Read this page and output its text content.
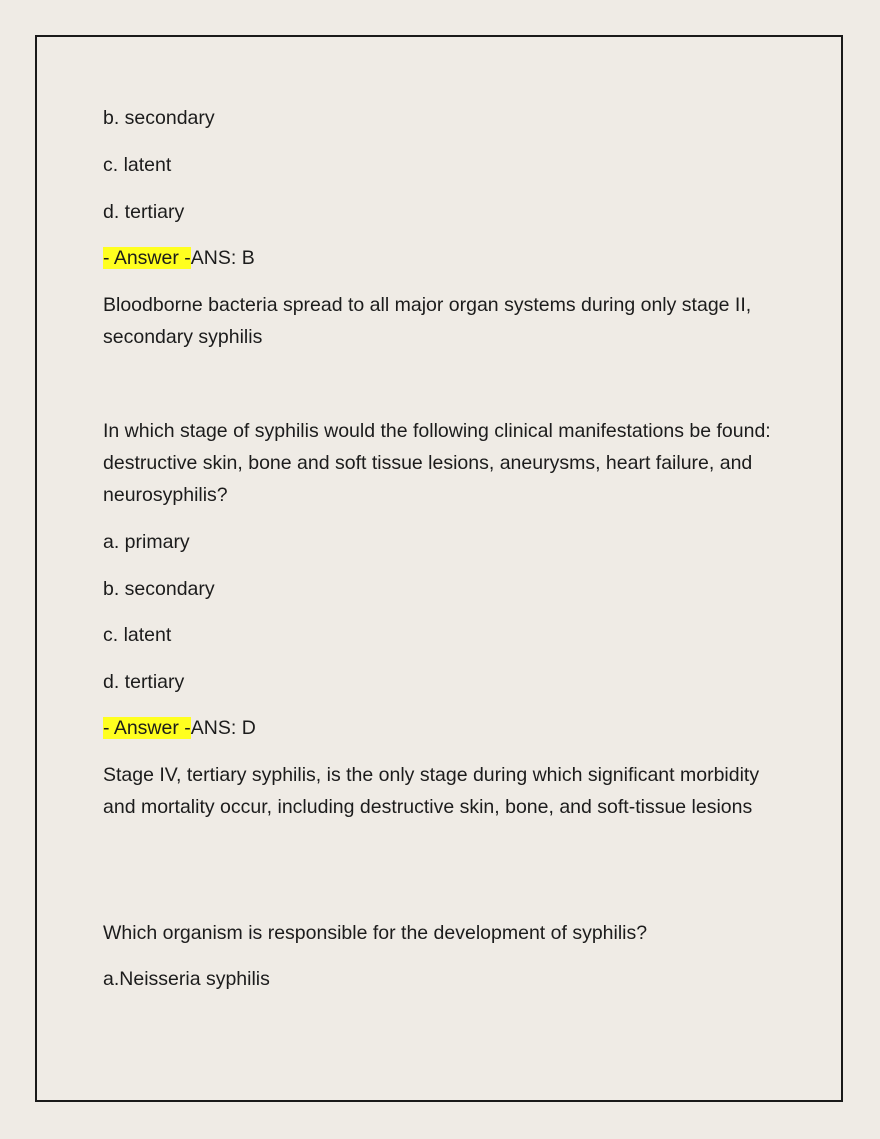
b. secondary

c. latent

d. tertiary

- Answer -ANS: B

Bloodborne bacteria spread to all major organ systems during only stage II, secondary syphilis

In which stage of syphilis would the following clinical manifestations be found: destructive skin, bone and soft tissue lesions, aneurysms, heart failure, and neurosyphilis?

a. primary

b. secondary

c. latent

d. tertiary

- Answer -ANS: D

Stage IV, tertiary syphilis, is the only stage during which significant morbidity and mortality occur, including destructive skin, bone, and soft-tissue lesions

Which organism is responsible for the development of syphilis?

a.Neisseria syphilis
